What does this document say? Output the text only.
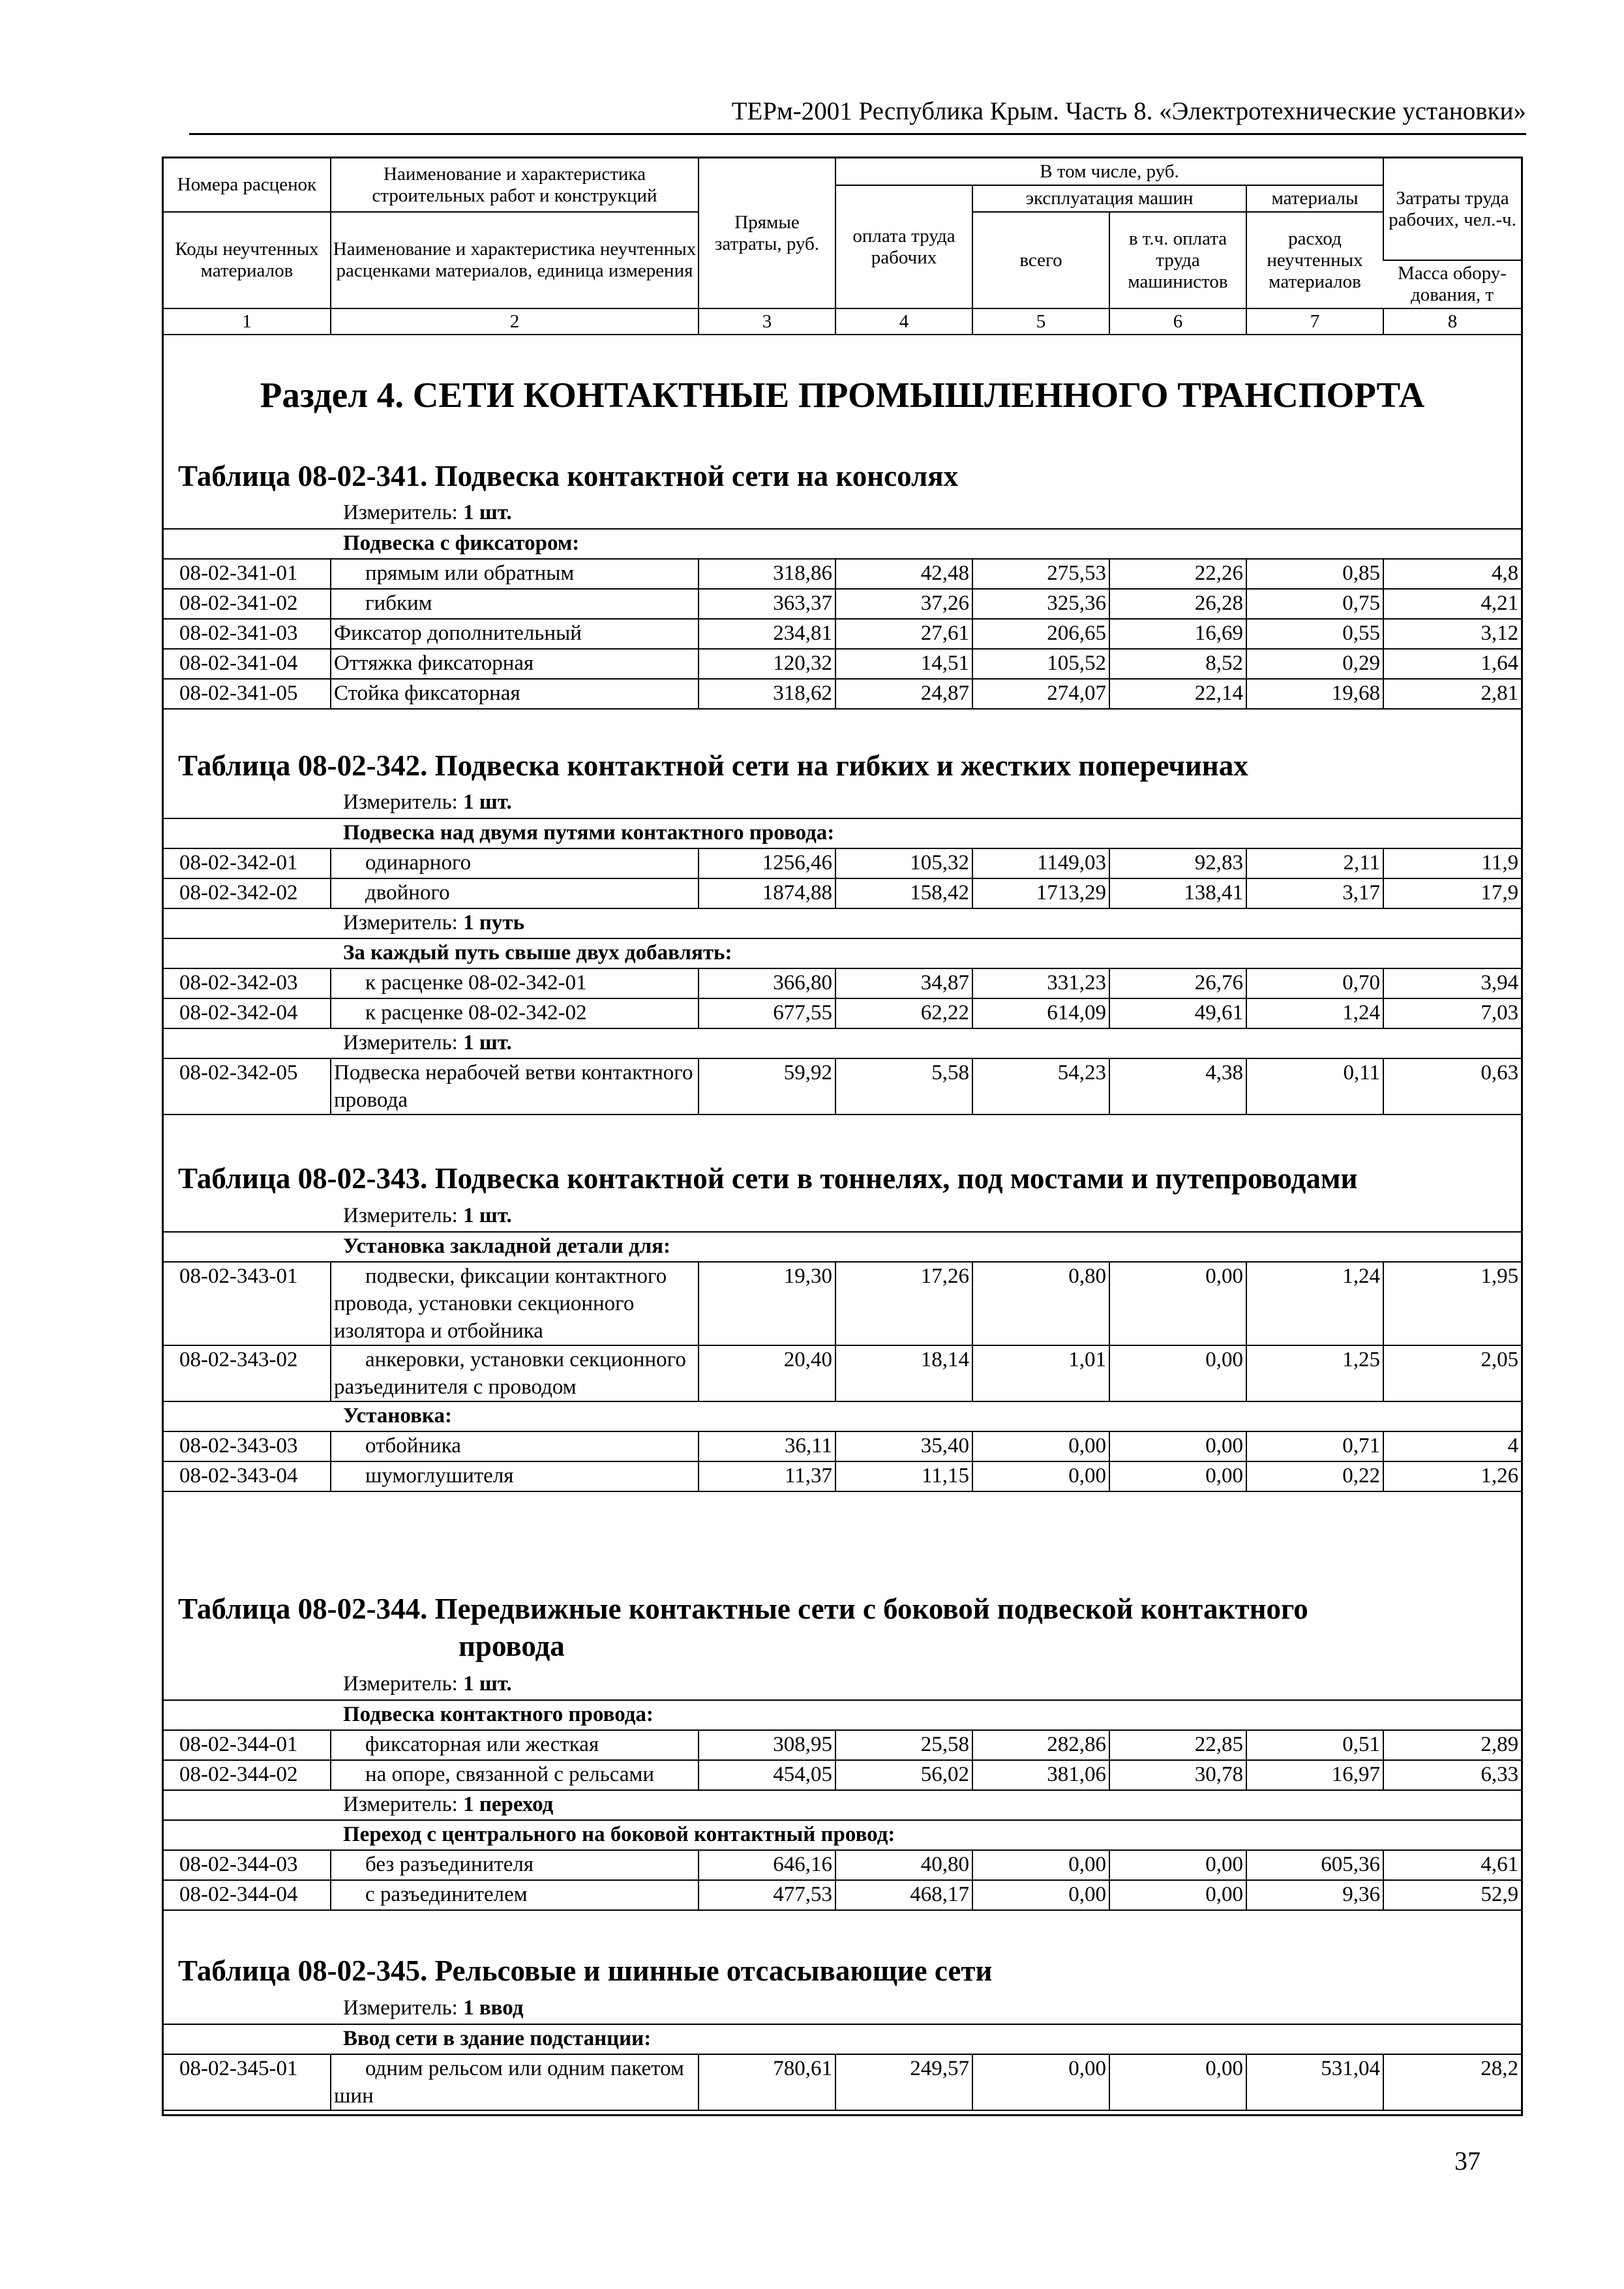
ТЕРм-2001 Республика Крым. Часть 8. «Электротехнические установки»
Номера расценок	Наименование и характеристика строительных работ и конструкций	Прямые затраты, руб.	В том числе, руб.				Затраты труда рабочих, чел.-ч.
			оплата труда рабочих	эксплуатация машин		материалы	
Коды неучтенных материалов	Наименование и характеристика неучтенных расценками материалов, единица измерения			всего	в т.ч. оплата труда машинистов	расход неучтенных материалов	
							Масса обору-дования, т
1	2	3	4	5	6	7	8
Раздел 4. СЕТИ КОНТАКТНЫЕ ПРОМЫШЛЕННОГО ТРАНСПОРТА
Таблица 08-02-341. Подвеска контактной сети на консолях
Измеритель: 1 шт.							
Подвеска с фиксатором:							
08-02-341-01	прямым или обратным	318,86	42,48	275,53	22,26	0,85	4,8
08-02-341-02	гибким	363,37	37,26	325,36	26,28	0,75	4,21
08-02-341-03	Фиксатор дополнительный	234,81	27,61	206,65	16,69	0,55	3,12
08-02-341-04	Оттяжка фиксаторная	120,32	14,51	105,52	8,52	0,29	1,64
08-02-341-05	Стойка фиксаторная	318,62	24,87	274,07	22,14	19,68	2,81
Таблица 08-02-342. Подвеска контактной сети на гибких и жестких поперечинах
Измеритель: 1 шт.							
Подвеска над двумя путями контактного провода:							
08-02-342-01	одинарного	1256,46	105,32	1149,03	92,83	2,11	11,9
08-02-342-02	двойного	1874,88	158,42	1713,29	138,41	3,17	17,9
Измеритель: 1 путь							
За каждый путь свыше двух добавлять:							
08-02-342-03	к расценке 08-02-342-01	366,80	34,87	331,23	26,76	0,70	3,94
08-02-342-04	к расценке 08-02-342-02	677,55	62,22	614,09	49,61	1,24	7,03
Измеритель: 1 шт.							
08-02-342-05	Подвеска нерабочей ветви контактного провода	59,92	5,58	54,23	4,38	0,11	0,63
Таблица 08-02-343. Подвеска контактной сети в тоннелях, под мостами и путепроводами
Измеритель: 1 шт.							
Установка закладной детали для:							
08-02-343-01	подвески, фиксации контактного провода, установки секционного изолятора и отбойника	19,30	17,26	0,80	0,00	1,24	1,95
08-02-343-02	анкеровки, установки секционного разъединителя с проводом	20,40	18,14	1,01	0,00	1,25	2,05
Установка:							
08-02-343-03	отбойника	36,11	35,40	0,00	0,00	0,71	4
08-02-343-04	шумоглушителя	11,37	11,15	0,00	0,00	0,22	1,26
Таблица 08-02-344. Передвижные контактные сети с боковой подвеской контактного
провода
Измеритель: 1 шт.							
Подвеска контактного провода:							
08-02-344-01	фиксаторная или жесткая	308,95	25,58	282,86	22,85	0,51	2,89
08-02-344-02	на опоре, связанной с рельсами	454,05	56,02	381,06	30,78	16,97	6,33
Измеритель: 1 переход							
Переход с центрального на боковой контактный провод:							
08-02-344-03	без разъединителя	646,16	40,80	0,00	0,00	605,36	4,61
08-02-344-04	с разъединителем	477,53	468,17	0,00	0,00	9,36	52,9
Таблица 08-02-345. Рельсовые и шинные отсасывающие сети
Измеритель: 1 ввод
Ввод сети в здание подстанции:
08-02-345-01	одним рельсом или одним пакетом шин	780,61	249,57	0,00	0,00	531,04	28,2
37
